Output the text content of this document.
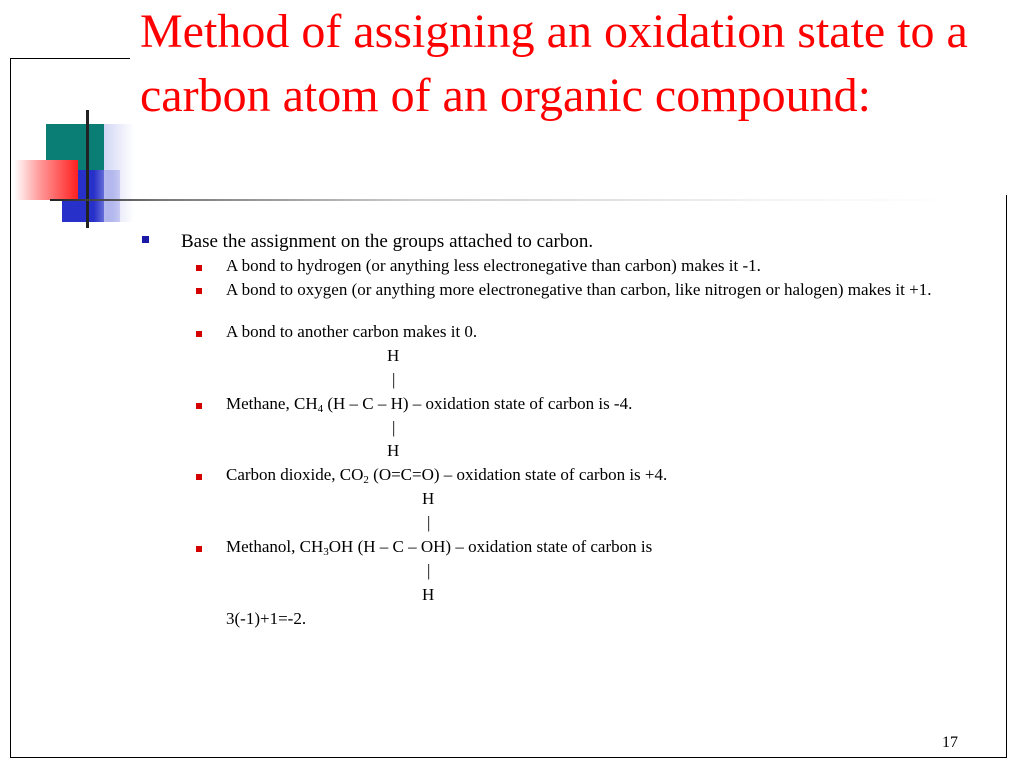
Method of assigning an oxidation state to a carbon atom of an organic compound:
Base the assignment on the groups attached to carbon.
A bond to hydrogen (or anything less electronegative than carbon) makes it -1.
A bond to oxygen (or anything more electronegative than carbon, like nitrogen or halogen) makes it +1.
A bond to another carbon makes it 0.
H
|
Methane, $CH_4$ (H – C – H) – oxidation state of carbon is -4.
|
H
Carbon dioxide, $CO_2$ (O=C=O) – oxidation state of carbon is +4.
H
|
Methanol, $CH_3OH$ (H – C – OH) – oxidation state of carbon is
|
H
3(-1)+1=-2.
17
